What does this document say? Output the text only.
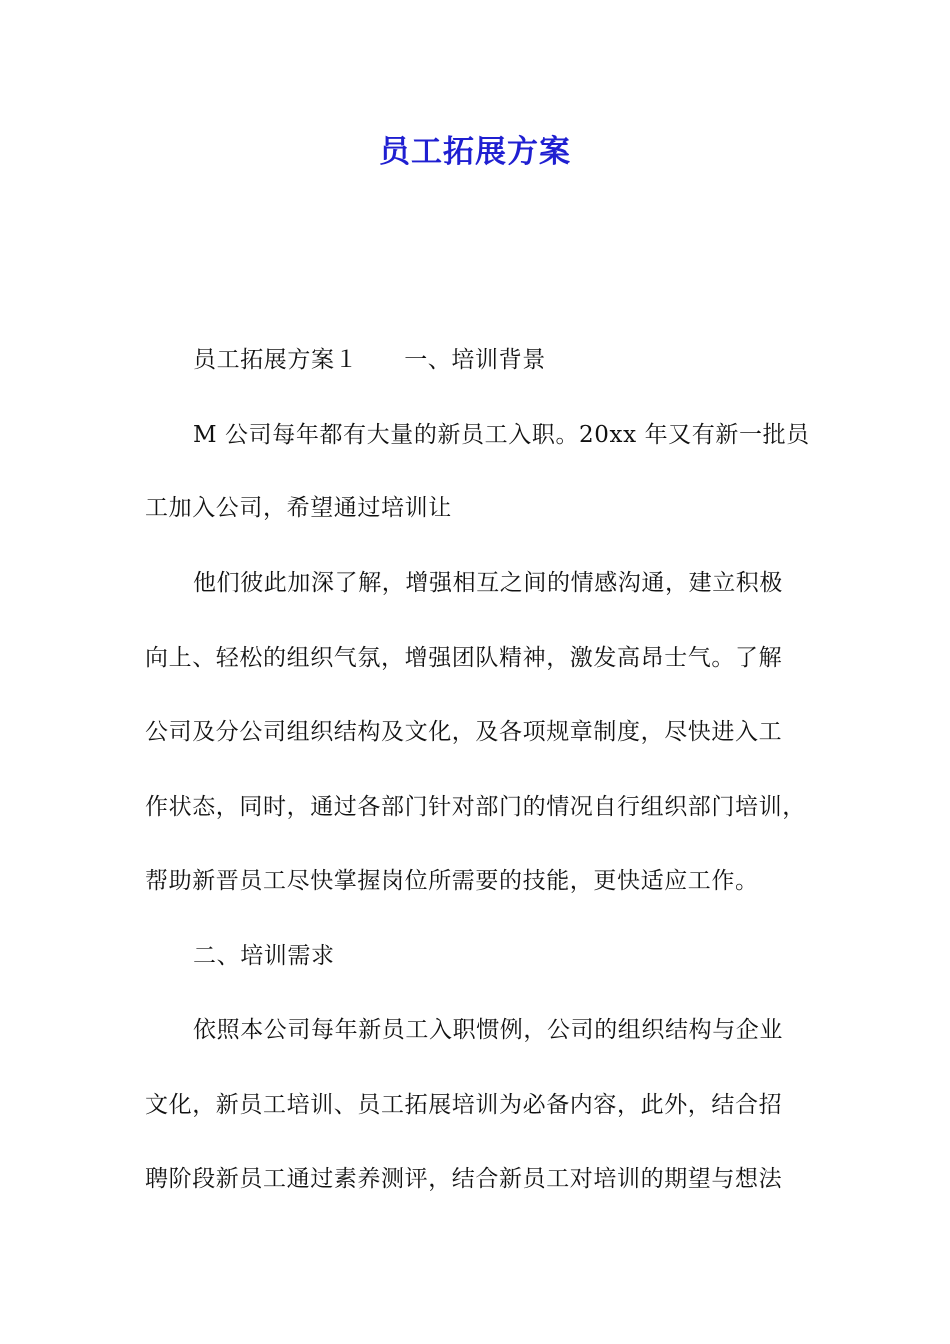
员工拓展方案
员工拓展方案１ 一、培训背景
M 公司每年都有大量的新员工入职。20xx 年又有新一批员
工加入公司，希望通过培训让
他们彼此加深了解，增强相互之间的情感沟通，建立积极
向上、轻松的组织气氛，增强团队精神，激发高昂士气。了解
公司及分公司组织结构及文化，及各项规章制度，尽快进入工
作状态，同时，通过各部门针对部门的情况自行组织部门培训，
帮助新晋员工尽快掌握岗位所需要的技能，更快适应工作。
二、培训需求
依照本公司每年新员工入职惯例，公司的组织结构与企业
文化，新员工培训、员工拓展培训为必备内容，此外，结合招
聘阶段新员工通过素养测评，结合新员工对培训的期望与想法
